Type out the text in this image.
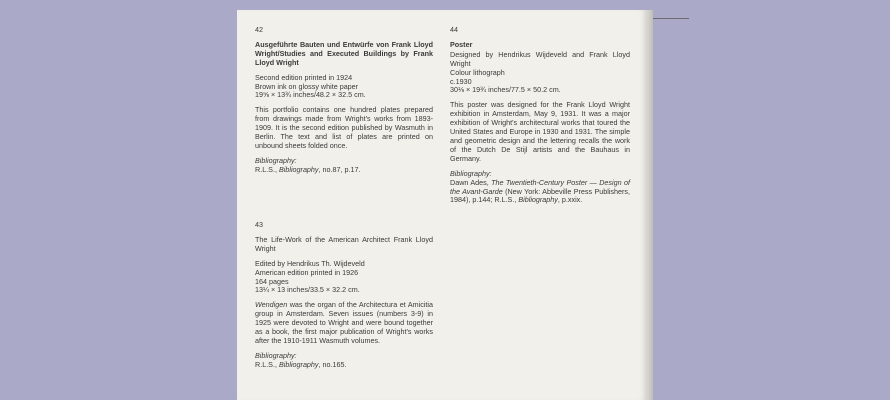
42

Ausgeführte Bauten und Entwürfe von Frank Lloyd Wright/Studies and Executed Buildings by Frank Lloyd Wright

Second edition printed in 1924

Brown ink on glossy white paper

19⅝ × 13¾ inches/48.2 × 32.5 cm.

This portfolio contains one hundred plates prepared from drawings made from Wright's works from 1893-1909. It is the second edition published by Wasmuth in Berlin. The text and list of plates are printed on unbound sheets folded once.

Bibliography:

R.L.S., Bibliography, no.87, p.17.

43

The Life-Work of the American Architect Frank Lloyd Wright

Edited by Hendrikus Th. Wijdeveld

American edition printed in 1926

164 pages

13¼ × 13 inches/33.5 × 32.2 cm.

Wendigen was the organ of the Architectura et Amicitia group in Amsterdam. Seven issues (numbers 3-9) in 1925 were devoted to Wright and were bound together as a book, the first major publication of Wright's works after the 1910-1911 Wasmuth volumes.

Bibliography:

R.L.S., Bibliography, no.165.

44

Poster

Designed by Hendrikus Wijdeveld and Frank Lloyd Wright

Colour lithograph

c.1930

30⅛ × 19¾ inches/77.5 × 50.2 cm.

This poster was designed for the Frank Lloyd Wright exhibition in Amsterdam, May 9, 1931. It was a major exhibition of Wright's architectural works that toured the United States and Europe in 1930 and 1931. The simple and geometric design and the lettering recalls the work of the Dutch De Stijl artists and the Bauhaus in Germany.

Bibliography:

Dawn Ades, The Twentieth-Century Poster — Design of the Avant-Garde (New York: Abbeville Press Publishers, 1984), p.144; R.L.S., Bibliography, p.xxix.
